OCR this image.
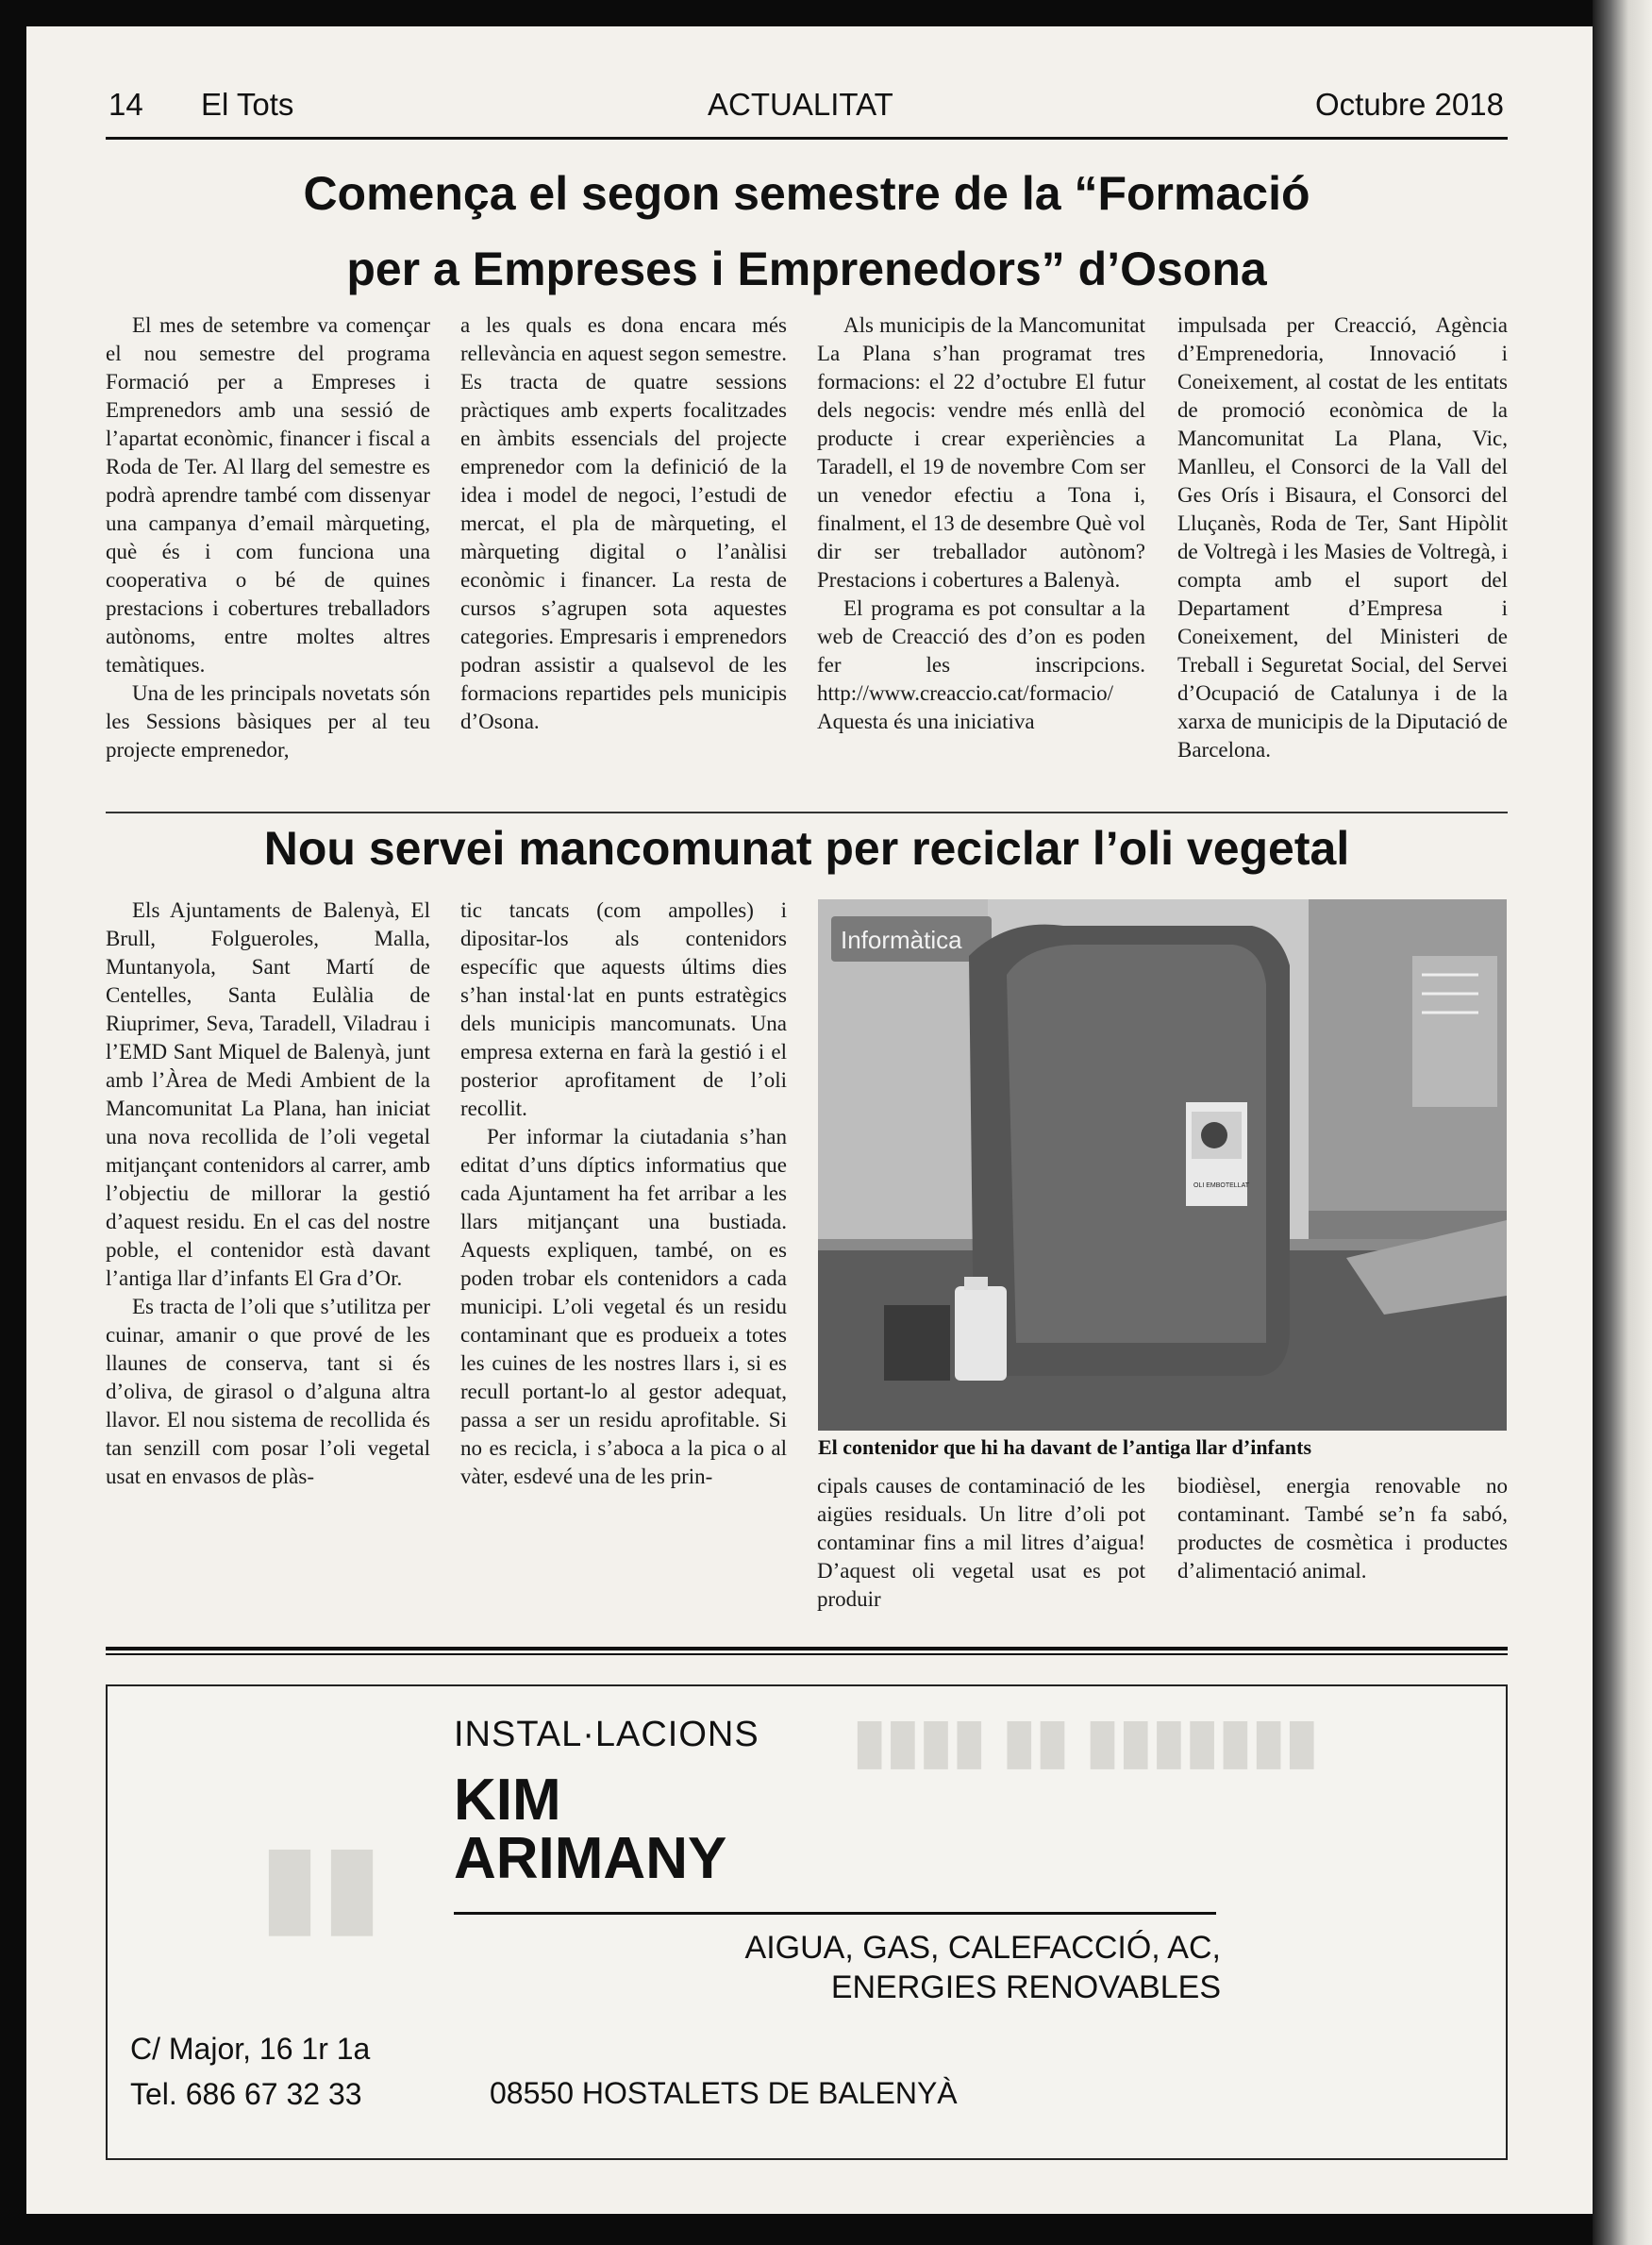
14 El Tots	ACTUALITAT	Octubre 2018
Comença el segon semestre de la “Formació
per a Empreses i Emprenedors” d’Osona

El mes de setembre va començar el nou semestre del programa Formació per a Empreses i Emprenedors amb una sessió de l’apartat econòmic, financer i fiscal a Roda de Ter. Al llarg del semestre es podrà aprendre també com dissenyar una campanya d’email màrqueting, què és i com funciona una cooperativa o bé de quines prestacions i cobertures treballadors autònoms, entre moltes altres temàtiques.

Una de les principals novetats són les Sessions bàsiques per al teu projecte emprenedor,

a les quals es dona encara més rellevància en aquest segon semestre. Es tracta de quatre sessions pràctiques amb experts focalitzades en àmbits essencials del projecte emprenedor com la definició de la idea i model de negoci, l’estudi de mercat, el pla de màrqueting, el màrqueting digital o l’anàlisi econòmic i financer. La resta de cursos s’agrupen sota aquestes categories. Empresaris i emprenedors podran assistir a qualsevol de les formacions repartides pels municipis d’Osona.

Als municipis de la Mancomunitat La Plana s’han programat tres formacions: el 22 d’octubre El futur dels negocis: vendre més enllà del producte i crear experiències a Taradell, el 19 de novembre Com ser un venedor efectiu a Tona i, finalment, el 13 de desembre Què vol dir ser treballador autònom? Prestacions i cobertures a Balenyà.

El programa es pot consultar a la web de Creacció des d’on es poden fer les inscripcions. http://www.creaccio.cat/formacio/ Aquesta és una iniciativa

impulsada per Creacció, Agència d’Emprenedoria, Innovació i Coneixement, al costat de les entitats de promoció econòmica de la Mancomunitat La Plana, Vic, Manlleu, el Consorci de la Vall del Ges Orís i Bisaura, el Consorci del Lluçanès, Roda de Ter, Sant Hipòlit de Voltregà i les Masies de Voltregà, i compta amb el suport del Departament d’Empresa i Coneixement, del Ministeri de Treball i Seguretat Social, del Servei d’Ocupació de Catalunya i de la xarxa de municipis de la Diputació de Barcelona.

Nou servei mancomunat per reciclar l’oli vegetal

Els Ajuntaments de Balenyà, El Brull, Folgueroles, Malla, Muntanyola, Sant Martí de Centelles, Santa Eulàlia de Riuprimer, Seva, Taradell, Viladrau i l’EMD Sant Miquel de Balenyà, junt amb l’Àrea de Medi Ambient de la Mancomunitat La Plana, han iniciat una nova recollida de l’oli vegetal mitjançant contenidors al carrer, amb l’objectiu de millorar la gestió d’aquest residu. En el cas del nostre poble, el contenidor està davant l’antiga llar d’infants El Gra d’Or.

Es tracta de l’oli que s’utilitza per cuinar, amanir o que prové de les llaunes de conserva, tant si és d’oliva, de girasol o d’alguna altra llavor. El nou sistema de recollida és tan senzill com posar l’oli vegetal usat en envasos de plàs-

tic tancats (com ampolles) i dipositar-los als contenidors específic que aquests últims dies s’han instal·lat en punts estratègics dels municipis mancomunats. Una empresa externa en farà la gestió i el posterior aprofitament de l’oli recollit.

Per informar la ciutadania s’han editat d’uns díptics informatius que cada Ajuntament ha fet arribar a les llars mitjançant una bustiada. Aquests expliquen, també, on es poden trobar els contenidors a cada municipi. L’oli vegetal és un residu contaminant que es produeix a totes les cuines de les nostres llars i, si es recull portant-lo al gestor adequat, passa a ser un residu aprofitable. Si no es recicla, i s’aboca a la pica o al vàter, esdevé una de les prin-

Informàtica
OLI EMBOTELLAT
El contenidor que hi ha davant de l’antiga llar d’infants

cipals causes de contaminació de les aigües residuals. Un litre d’oli pot contaminar fins a mil litres d’aigua! D’aquest oli vegetal usat es pot produir

biodièsel, energia renovable no contaminant. També se’n fa sabó, productes de cosmètica i productes d’alimentació animal.

▮▮▮▮▮▮▮ ▮▮ ▮▮▮▮
▮▮
INSTAL·LACIONS
KIM
ARIMANY
AIGUA, GAS, CALEFACCIÓ, AC,
ENERGIES RENOVABLES
C/ Major, 16 1r 1a
Tel. 686 67 32 33	08550 HOSTALETS DE BALENYÀ
